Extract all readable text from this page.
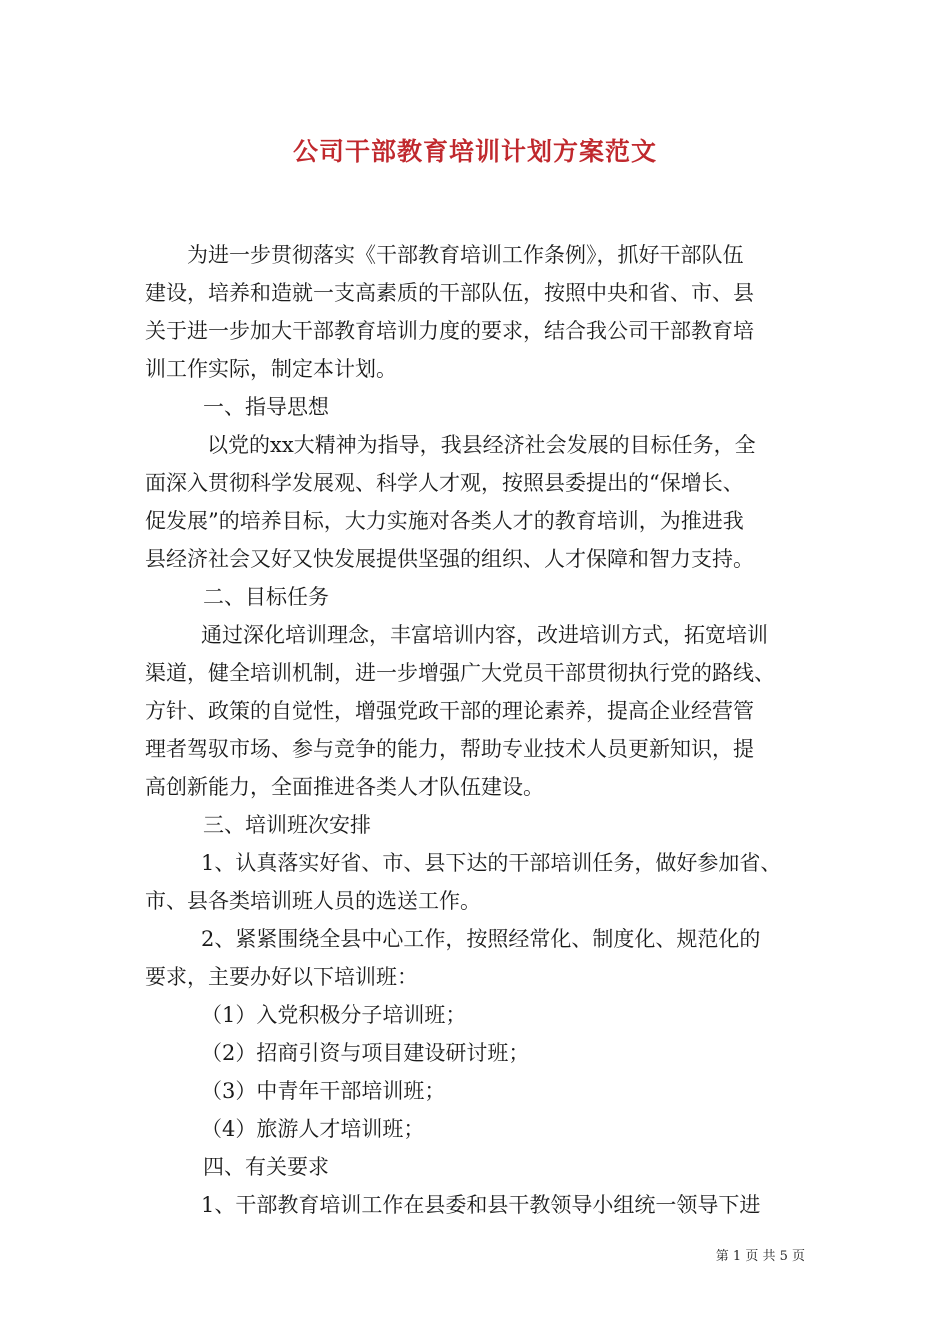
公司干部教育培训计划方案范文
为进一步贯彻落实《干部教育培训工作条例》，抓好干部队伍
建设，培养和造就一支高素质的干部队伍，按照中央和省、市、县
关于进一步加大干部教育培训力度的要求，结合我公司干部教育培
训工作实际，制定本计划。
一、指导思想
以党的xx大精神为指导，我县经济社会发展的目标任务，全
面深入贯彻科学发展观、科学人才观，按照县委提出的“保增长、
促发展”的培养目标，大力实施对各类人才的教育培训，为推进我
县经济社会又好又快发展提供坚强的组织、人才保障和智力支持。
二、目标任务
通过深化培训理念，丰富培训内容，改进培训方式，拓宽培训
渠道，健全培训机制，进一步增强广大党员干部贯彻执行党的路线、
方针、政策的自觉性，增强党政干部的理论素养，提高企业经营管
理者驾驭市场、参与竞争的能力，帮助专业技术人员更新知识，提
高创新能力，全面推进各类人才队伍建设。
三、培训班次安排
1、认真落实好省、市、县下达的干部培训任务，做好参加省、
市、县各类培训班人员的选送工作。
2、紧紧围绕全县中心工作，按照经常化、制度化、规范化的
要求，主要办好以下培训班：
（1）入党积极分子培训班；
（2）招商引资与项目建设研讨班；
（3）中青年干部培训班；
（4）旅游人才培训班；
四、有关要求
1、干部教育培训工作在县委和县干教领导小组统一领导下进
第 1 页 共 5 页
